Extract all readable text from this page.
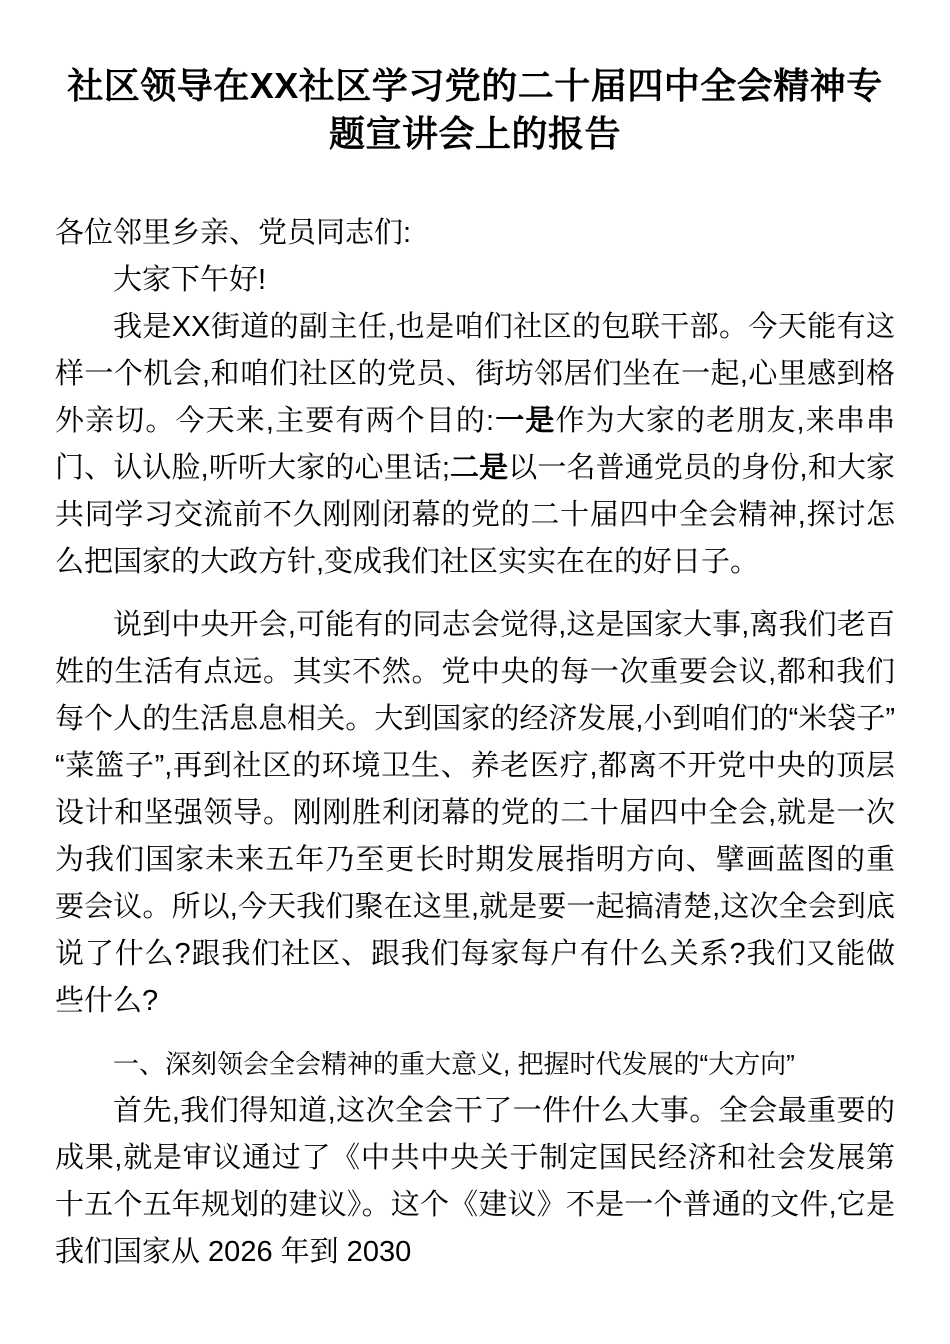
社区领导在XX社区学习党的二十届四中全会精神专题宣讲会上的报告

各位邻里乡亲、党员同志们:

大家下午好!

我是XX街道的副主任,也是咱们社区的包联干部。今天能有这样一个机会,和咱们社区的党员、街坊邻居们坐在一起,心里感到格外亲切。今天来,主要有两个目的:一是作为大家的老朋友,来串串门、认认脸,听听大家的心里话;二是以一名普通党员的身份,和大家共同学习交流前不久刚刚闭幕的党的二十届四中全会精神,探讨怎么把国家的大政方针,变成我们社区实实在在的好日子。

说到中央开会,可能有的同志会觉得,这是国家大事,离我们老百姓的生活有点远。其实不然。党中央的每一次重要会议,都和我们每个人的生活息息相关。大到国家的经济发展,小到咱们的“米袋子”“菜篮子”,再到社区的环境卫生、养老医疗,都离不开党中央的顶层设计和坚强领导。刚刚胜利闭幕的党的二十届四中全会,就是一次为我们国家未来五年乃至更长时期发展指明方向、擘画蓝图的重要会议。所以,今天我们聚在这里,就是要一起搞清楚,这次全会到底说了什么?跟我们社区、跟我们每家每户有什么关系?我们又能做些什么?

一、深刻领会全会精神的重大意义, 把握时代发展的“大方向”

首先,我们得知道,这次全会干了一件什么大事。全会最重要的成果,就是审议通过了《中共中央关于制定国民经济和社会发展第十五个五年规划的建议》。这个《建议》不是一个普通的文件,它是我们国家从 2026 年到 2030
